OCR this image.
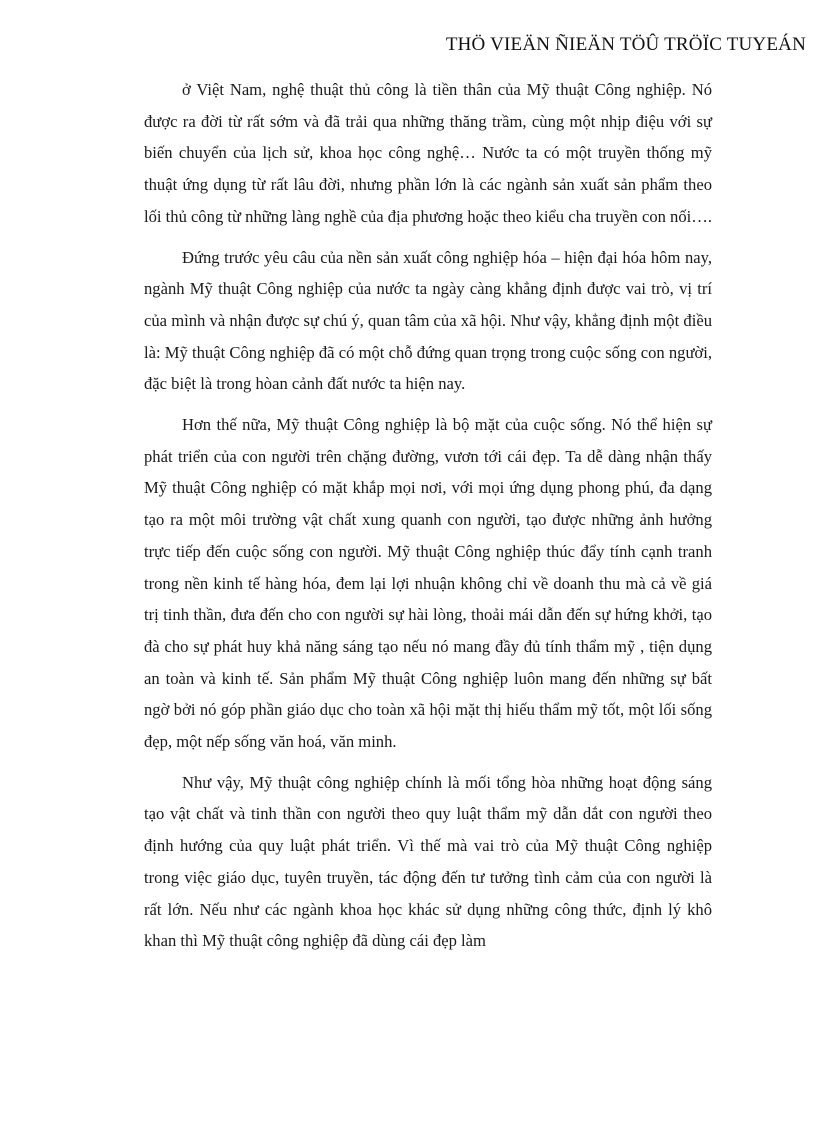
THÖ VIEÄN ÑIEÄN TÖÛ TRÖÏC TUYEÁN

ở Việt Nam, nghệ thuật thủ công là tiền thân của Mỹ thuật Công nghiệp. Nó được ra đời từ rất sớm và đã trải qua những thăng trầm, cùng một nhịp điệu với sự biến chuyển của lịch sử, khoa học công nghệ… Nước ta có một truyền thống mỹ thuật ứng dụng từ rất lâu đời, nhưng phần lớn là các ngành sản xuất sản phẩm theo lối thủ công từ những làng nghề của địa phương hoặc theo kiểu cha truyền con nối….

Đứng trước yêu câu của nền sản xuất công nghiệp hóa – hiện đại hóa hôm nay, ngành Mỹ thuật Công nghiệp của nước ta ngày càng khẳng định được vai trò, vị trí của mình và nhận được sự chú ý, quan tâm của xã hội. Như vậy, khẳng định một điều là: Mỹ thuật Công nghiệp đã có một chỗ đứng quan trọng trong cuộc sống con người, đặc biệt là trong hòan cảnh đất nước ta hiện nay.

Hơn thế nữa, Mỹ thuật Công nghiệp là bộ mặt của cuộc sống. Nó thể hiện sự phát triển của con người trên chặng đường, vươn tới cái đẹp. Ta dễ dàng nhận thấy Mỹ thuật Công nghiệp có mặt khắp mọi nơi, với mọi ứng dụng phong phú, đa dạng tạo ra một môi trường vật chất xung quanh con người, tạo được những ảnh hưởng trực tiếp đến cuộc sống con người. Mỹ thuật Công nghiệp thúc đẩy tính cạnh tranh trong nền kinh tế hàng hóa, đem lại lợi nhuận không chỉ về doanh thu mà cả về giá trị tinh thần, đưa đến cho con người sự hài lòng, thoải mái dẫn đến sự hứng khởi, tạo đà cho sự phát huy khả năng sáng tạo nếu nó mang đầy đủ tính thẩm mỹ , tiện dụng an toàn và kinh tế. Sản phẩm Mỹ thuật Công nghiệp luôn mang đến những sự bất ngờ bởi nó góp phần giáo dục cho toàn xã hội mặt thị hiếu thẩm mỹ tốt, một lối sống đẹp, một nếp sống văn hoá, văn minh.

Như vậy, Mỹ thuật công nghiệp chính là mối tổng hòa những hoạt động sáng tạo vật chất và tinh thần con người theo quy luật thẩm mỹ dẫn dắt con người theo định hướng của quy luật phát triển. Vì thế mà vai trò của Mỹ thuật Công nghiệp trong việc giáo dục, tuyên truyền, tác động đến tư tưởng tình cảm của con người là rất lớn. Nếu như các ngành khoa học khác sử dụng những công thức, định lý khô khan thì Mỹ thuật công nghiệp đã dùng cái đẹp làm
